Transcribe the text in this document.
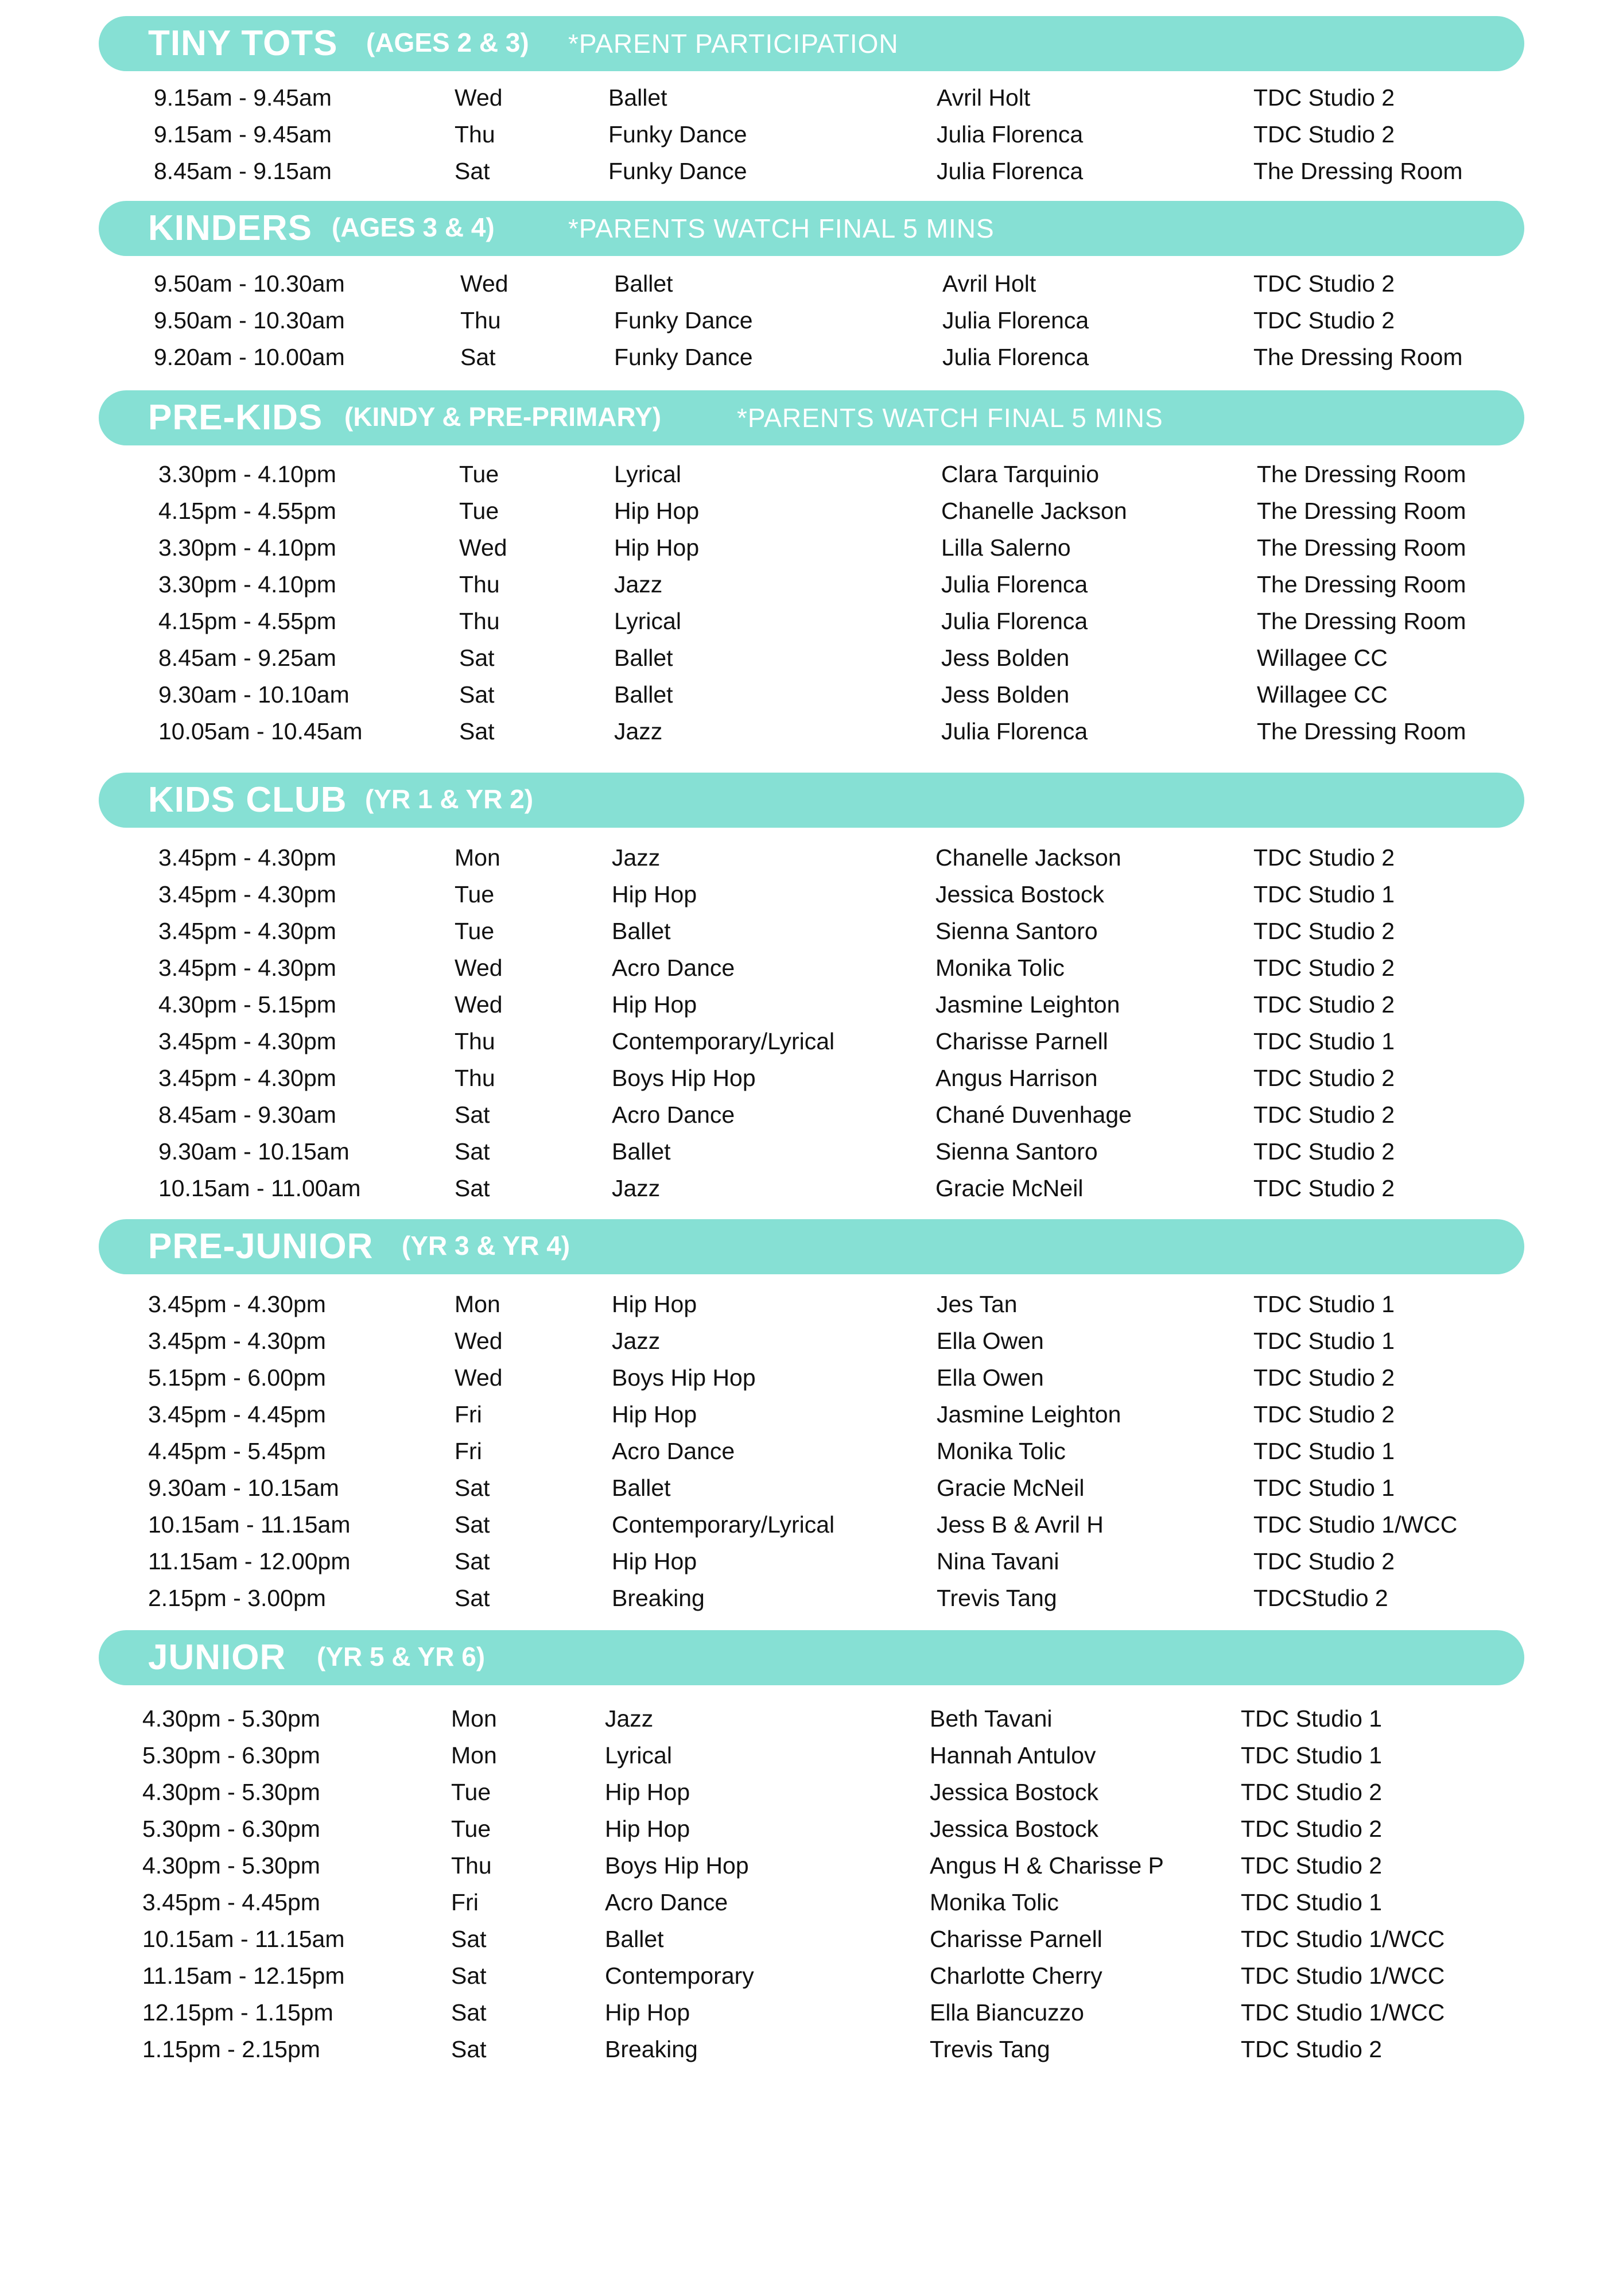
TINY TOTS (AGES 2 & 3) *PARENT PARTICIPATION
9.15am - 9.45am	Wed	Ballet	Avril Holt	TDC Studio 2
9.15am - 9.45am	Thu	Funky Dance	Julia Florenca	TDC Studio 2
8.45am - 9.15am	Sat	Funky Dance	Julia Florenca	The Dressing Room
KINDERS (AGES 3 & 4)	*PARENTS WATCH FINAL 5 MINS
9.50am - 10.30am	Wed	Ballet	Avril Holt	TDC Studio 2
9.50am - 10.30am	Thu	Funky Dance	Julia Florenca	TDC Studio 2
9.20am - 10.00am	Sat	Funky Dance	Julia Florenca	The Dressing Room
PRE-KIDS (KINDY & PRE-PRIMARY)	*PARENTS WATCH FINAL 5 MINS
3.30pm - 4.10pm	Tue	Lyrical	Clara Tarquinio	The Dressing Room
4.15pm - 4.55pm	Tue	Hip Hop	Chanelle Jackson	The Dressing Room
3.30pm - 4.10pm	Wed	Hip Hop	Lilla Salerno	The Dressing Room
3.30pm - 4.10pm	Thu	Jazz	Julia Florenca	The Dressing Room
4.15pm - 4.55pm	Thu	Lyrical	Julia Florenca	The Dressing Room
8.45am - 9.25am	Sat	Ballet	Jess Bolden	Willagee CC
9.30am - 10.10am	Sat	Ballet	Jess Bolden	Willagee CC
10.05am - 10.45am	Sat	Jazz	Julia Florenca	The Dressing Room
KIDS CLUB (YR 1 & YR 2)
3.45pm - 4.30pm	Mon	Jazz	Chanelle Jackson	TDC Studio 2
3.45pm - 4.30pm	Tue	Hip Hop	Jessica Bostock	TDC Studio 1
3.45pm - 4.30pm	Tue	Ballet	Sienna Santoro	TDC Studio 2
3.45pm - 4.30pm	Wed	Acro Dance	Monika Tolic	TDC Studio 2
4.30pm - 5.15pm	Wed	Hip Hop	Jasmine Leighton	TDC Studio 2
3.45pm - 4.30pm	Thu	Contemporary/Lyrical	Charisse Parnell	TDC Studio 1
3.45pm - 4.30pm	Thu	Boys Hip Hop	Angus Harrison	TDC Studio 2
8.45am - 9.30am	Sat	Acro Dance	Chané Duvenhage	TDC Studio 2
9.30am - 10.15am	Sat	Ballet	Sienna Santoro	TDC Studio 2
10.15am - 11.00am	Sat	Jazz	Gracie McNeil	TDC Studio 2
PRE-JUNIOR (YR 3 & YR 4)
3.45pm - 4.30pm	Mon	Hip Hop	Jes Tan	TDC Studio 1
3.45pm - 4.30pm	Wed	Jazz	Ella Owen	TDC Studio 1
5.15pm - 6.00pm	Wed	Boys Hip Hop	Ella Owen	TDC Studio 2
3.45pm - 4.45pm	Fri	Hip Hop	Jasmine Leighton	TDC Studio 2
4.45pm - 5.45pm	Fri	Acro Dance	Monika Tolic	TDC Studio 1
9.30am - 10.15am	Sat	Ballet	Gracie McNeil	TDC Studio 1
10.15am - 11.15am	Sat	Contemporary/Lyrical	Jess B & Avril H	TDC Studio 1/WCC
11.15am - 12.00pm	Sat	Hip Hop	Nina Tavani	TDC Studio 2
2.15pm - 3.00pm	Sat	Breaking	Trevis Tang	TDCStudio 2
JUNIOR (YR 5 & YR 6)
4.30pm - 5.30pm	Mon	Jazz	Beth Tavani	TDC Studio 1
5.30pm - 6.30pm	Mon	Lyrical	Hannah Antulov	TDC Studio 1
4.30pm - 5.30pm	Tue	Hip Hop	Jessica Bostock	TDC Studio 2
5.30pm - 6.30pm	Tue	Hip Hop	Jessica Bostock	TDC Studio 2
4.30pm - 5.30pm	Thu	Boys Hip Hop	Angus H & Charisse P	TDC Studio 2
3.45pm - 4.45pm	Fri	Acro Dance	Monika Tolic	TDC Studio 1
10.15am - 11.15am	Sat	Ballet	Charisse Parnell	TDC Studio 1/WCC
11.15am - 12.15pm	Sat	Contemporary	Charlotte Cherry	TDC Studio 1/WCC
12.15pm - 1.15pm	Sat	Hip Hop	Ella Biancuzzo	TDC Studio 1/WCC
1.15pm - 2.15pm	Sat	Breaking	Trevis Tang	TDC Studio 2
